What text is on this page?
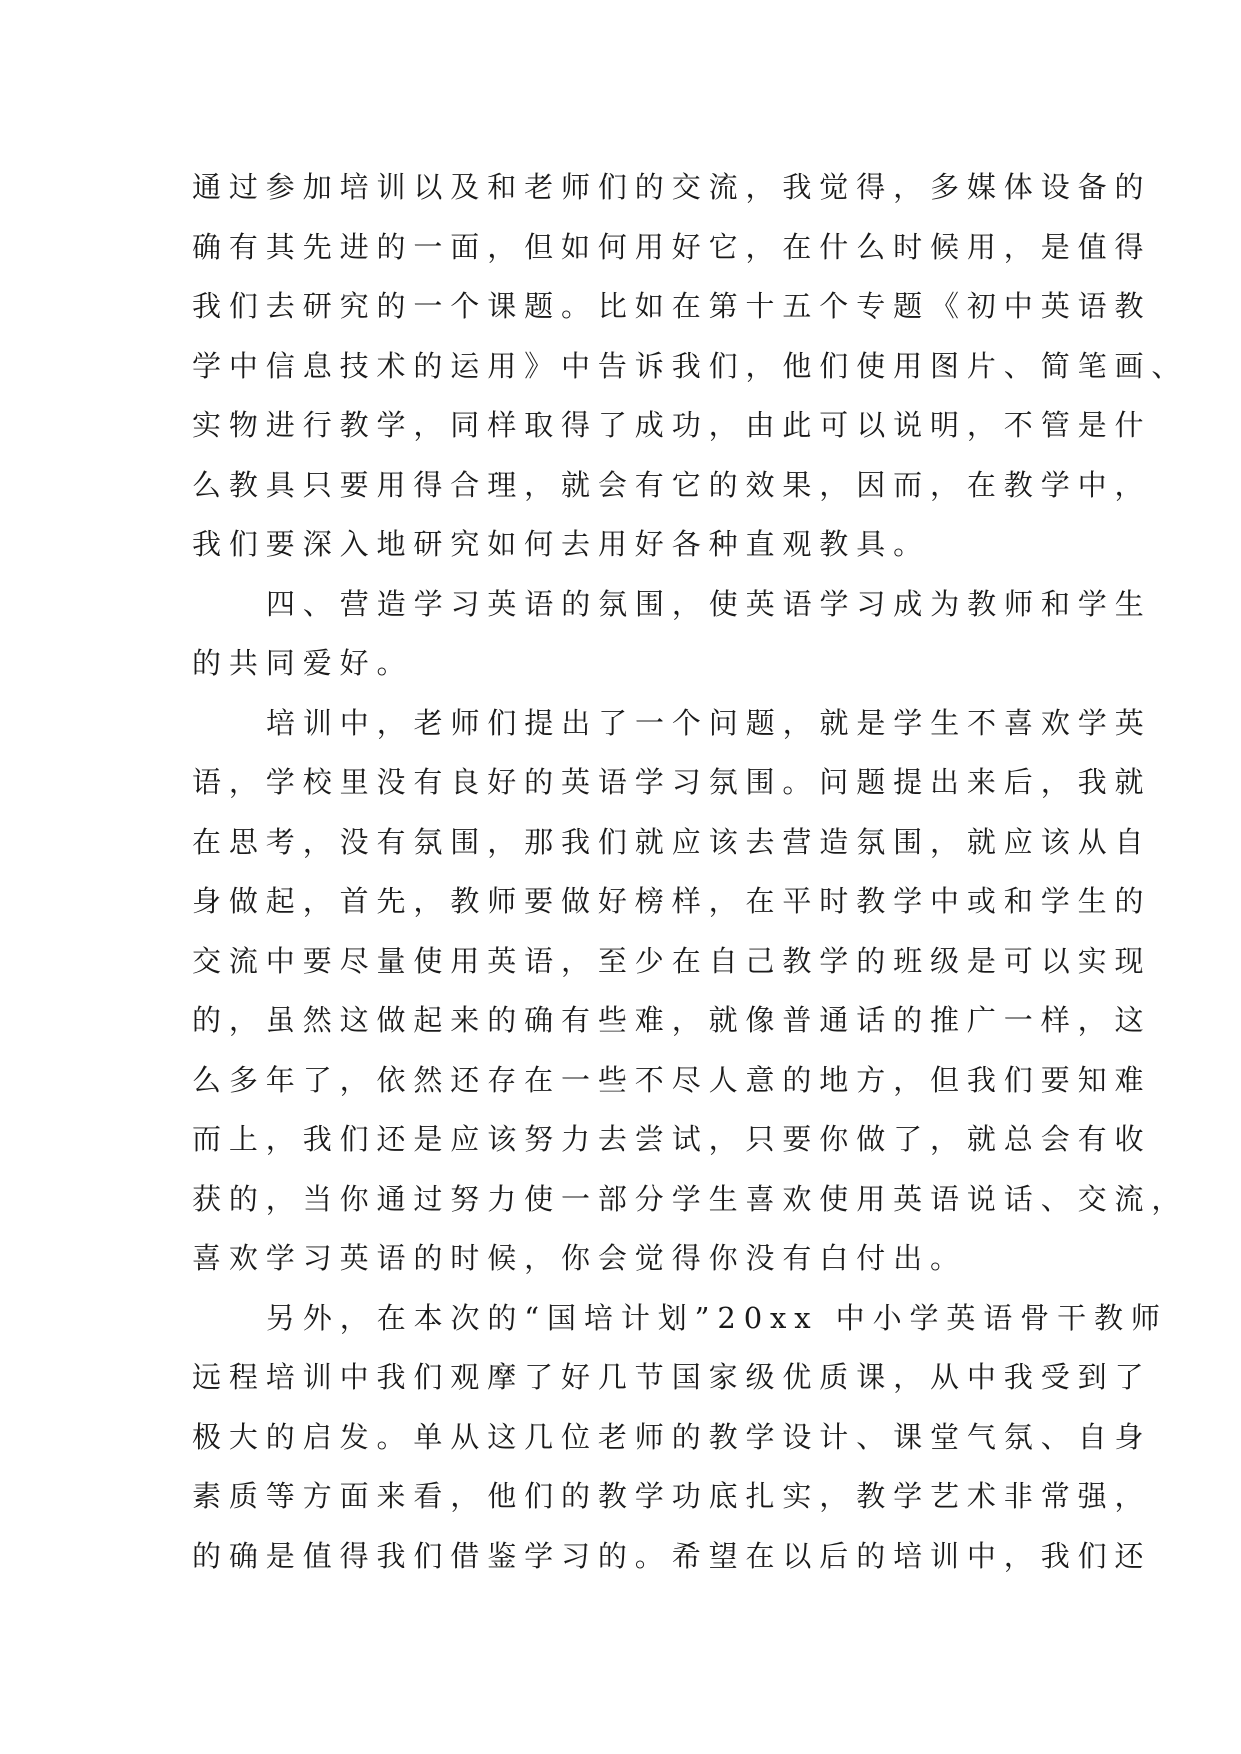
通过参加培训以及和老师们的交流，我觉得，多媒体设备的
确有其先进的一面，但如何用好它，在什么时候用，是值得
我们去研究的一个课题。比如在第十五个专题《初中英语教
学中信息技术的运用》中告诉我们，他们使用图片、简笔画、
实物进行教学，同样取得了成功，由此可以说明，不管是什
么教具只要用得合理，就会有它的效果，因而，在教学中，
我们要深入地研究如何去用好各种直观教具。
四、营造学习英语的氛围，使英语学习成为教师和学生
的共同爱好。
培训中，老师们提出了一个问题，就是学生不喜欢学英
语，学校里没有良好的英语学习氛围。问题提出来后，我就
在思考，没有氛围，那我们就应该去营造氛围，就应该从自
身做起，首先，教师要做好榜样，在平时教学中或和学生的
交流中要尽量使用英语，至少在自己教学的班级是可以实现
的，虽然这做起来的确有些难，就像普通话的推广一样，这
么多年了，依然还存在一些不尽人意的地方，但我们要知难
而上，我们还是应该努力去尝试，只要你做了，就总会有收
获的，当你通过努力使一部分学生喜欢使用英语说话、交流，
喜欢学习英语的时候，你会觉得你没有白付出。
另外，在本次的“国培计划”20xx 中小学英语骨干教师
远程培训中我们观摩了好几节国家级优质课，从中我受到了
极大的启发。单从这几位老师的教学设计、课堂气氛、自身
素质等方面来看，他们的教学功底扎实，教学艺术非常强，
的确是值得我们借鉴学习的。希望在以后的培训中，我们还
